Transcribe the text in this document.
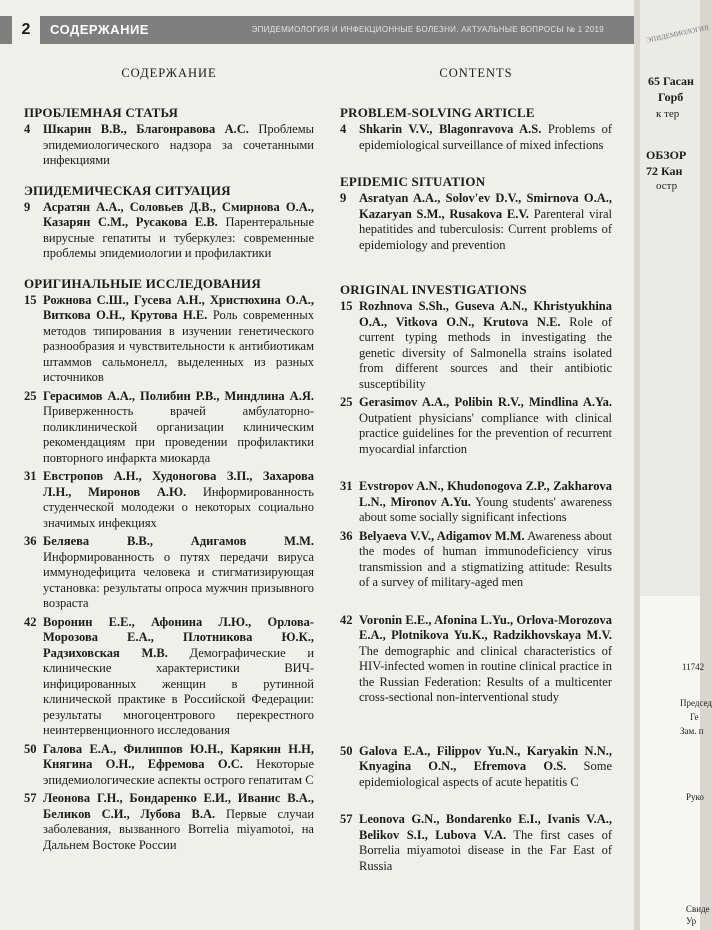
2	СОДЕРЖАНИЕ	ЭПИДЕМИОЛОГИЯ И ИНФЕКЦИОННЫЕ БОЛЕЗНИ. АКТУАЛЬНЫЕ ВОПРОСЫ № 1 2019
СОДЕРЖАНИЕ
ПРОБЛЕМНАЯ СТАТЬЯ
4 Шкарин В.В., Благонравова А.С. Проблемы эпидемиологического надзора за сочетанными инфекциями
ЭПИДЕМИЧЕСКАЯ СИТУАЦИЯ
9 Асратян А.А., Соловьев Д.В., Смирнова О.А., Казарян С.М., Русакова Е.В. Парентеральные вирусные гепатиты и туберкулез: современные проблемы эпидемиологии и профилактики
ОРИГИНАЛЬНЫЕ ИССЛЕДОВАНИЯ
15 Рожнова С.Ш., Гусева А.Н., Христюхина О.А., Виткова О.Н., Крутова Н.Е. Роль современных методов типирования в изучении генетического разнообразия и чувствительности к антибиотикам штаммов сальмонелл, выделенных из разных источников
25 Герасимов А.А., Полибин Р.В., Миндлина А.Я. Приверженность врачей амбулаторно-поликлинической организации клиническим рекомендациям при проведении профилактики повторного инфаркта миокарда
31 Евстропов А.Н., Худоногова З.П., Захарова Л.Н., Миронов А.Ю. Информированность студенческой молодежи о некоторых социально значимых инфекциях
36 Беляева В.В., Адигамов М.М. Информированность о путях передачи вируса иммунодефицита человека и стигматизирующая установка: результаты опроса мужчин призывного возраста
42 Воронин Е.Е., Афонина Л.Ю., Орлова-Морозова Е.А., Плотникова Ю.К., Радзиховская М.В. Демографические и клинические характеристики ВИЧ-инфицированных женщин в рутинной клинической практике в Российской Федерации: результаты многоцентрового перекрестного неинтервенционного исследования
50 Галова Е.А., Филиппов Ю.Н., Карякин Н.Н, Княгина О.Н., Ефремова О.С. Некоторые эпидемиологические аспекты острого гепатитам С
57 Леонова Г.Н., Бондаренко Е.И., Иванис В.А., Беликов С.И., Лубова В.А. Первые случаи заболевания, вызванного Borrelia miyamotoi, на Дальнем Востоке России
CONTENTS
PROBLEM-SOLVING ARTICLE
4 Shkarin V.V., Blagonravova A.S. Problems of epidemiological surveillance of mixed infections
EPIDEMIC SITUATION
9 Asratyan A.A., Solov'ev D.V., Smirnova O.A., Kazaryan S.M., Rusakova E.V. Parenteral viral hepatitides and tuberculosis: Current problems of epidemiology and prevention
ORIGINAL INVESTIGATIONS
15 Rozhnova S.Sh., Guseva A.N., Khristyukhina O.A., Vitkova O.N., Krutova N.E. Role of current typing methods in investigating the genetic diversity of Salmonella strains isolated from different sources and their antibiotic susceptibility
25 Gerasimov A.A., Polibin R.V., Mindlina A.Ya. Outpatient physicians' compliance with clinical practice guidelines for the prevention of recurrent myocardial infarction
31 Evstropov A.N., Khudonogova Z.P., Zakharova L.N., Mironov A.Yu. Young students' awareness about some socially significant infections
36 Belyaeva V.V., Adigamov M.M. Awareness about the modes of human immunodeficiency virus transmission and a stigmatizing attitude: Results of a survey of military-aged men
42 Voronin E.E., Afonina L.Yu., Orlova-Morozova E.A., Plotnikova Yu.K., Radzikhovskaya M.V. The demographic and clinical characteristics of HIV-infected women in routine clinical practice in the Russian Federation: Results of a multicenter cross-sectional non-interventional study
50 Galova E.A., Filippov Yu.N., Karyakin N.N., Knyagina O.N., Efremova O.S. Some epidemiological aspects of acute hepatitis C
57 Leonova G.N., Bondarenko E.I., Ivanis V.A., Belikov S.I., Lubova V.A. The first cases of Borrelia miyamotoi disease in the Far East of Russia
ЭПИДЕМИОЛОГИЯ
65 Гасан
Горб
к тер
ОБЗОР
72 Кан
остр
11742
Председ
Ге
Зам. п
Руко
Свиде
Ур
